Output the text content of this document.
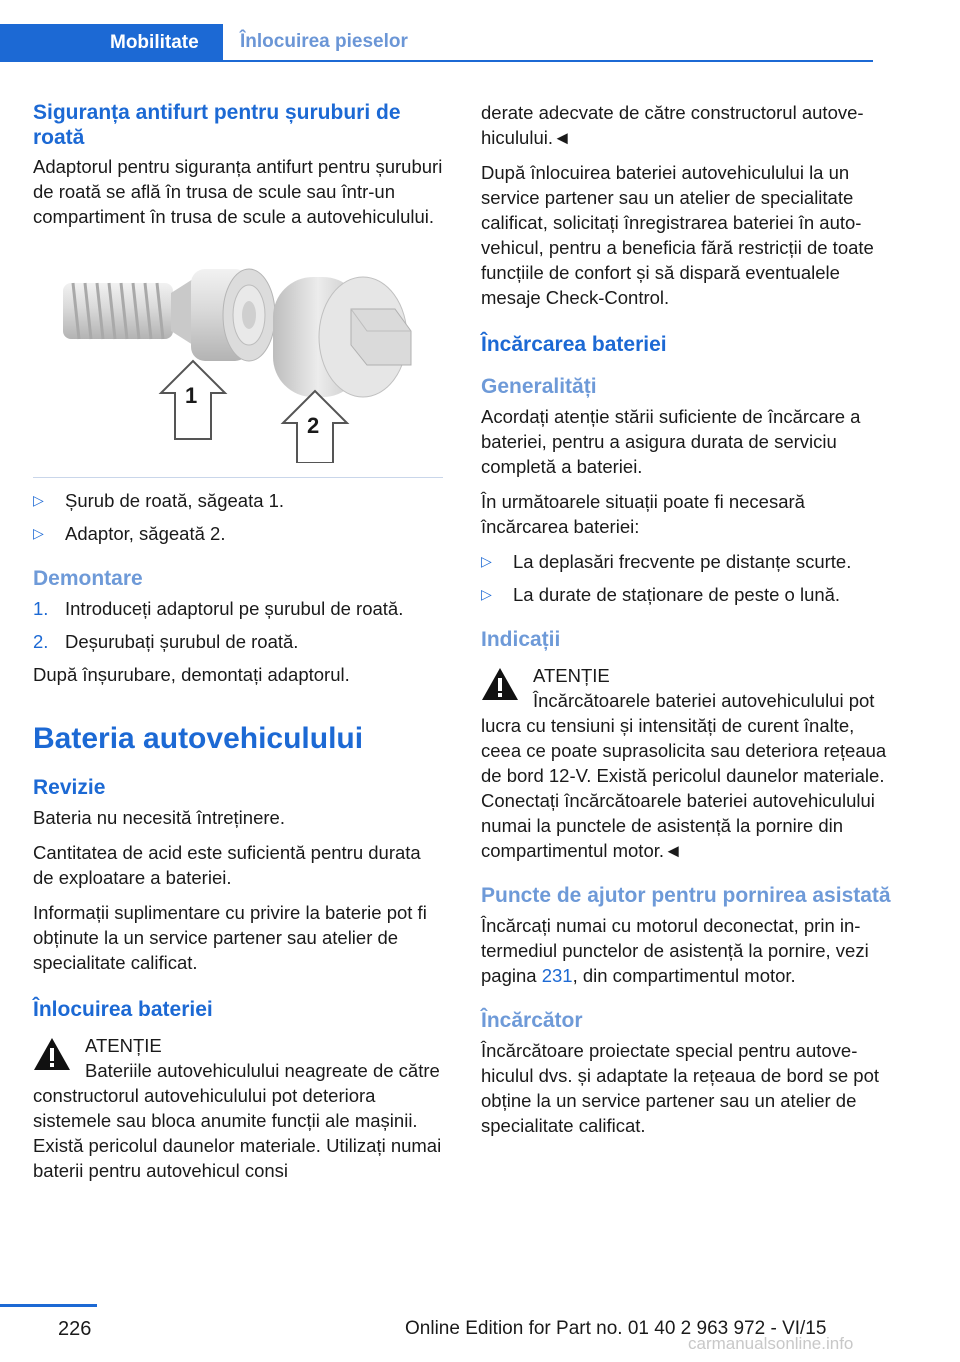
Mobilitate	Înlocuirea pieselor
Siguranța antifurt pentru șuruburi de roată

Adaptorul pentru siguranța antifurt pentru șuruburi de roată se află în trusa de scule sau într-un compartiment în trusa de scule a autovehiculului.

1
2
▷ Șurub de roată, săgeata 1.
▷ Adaptor, săgeată 2.
Demontare
1. Introduceți adaptorul pe șurubul de roată.
2. Deșurubați șurubul de roată.

După înșurubare, demontați adaptorul.

Bateria autovehiculului
Revizie

Bateria nu necesită întreținere.

Cantitatea de acid este suficientă pentru durata de exploatare a bateriei.

Informații suplimentare cu privire la baterie pot fi obținute la un service partener sau atelier de specialitate calificat.

Înlocuirea bateriei
ATENȚIE

Bateriile autovehiculului neagreate de către constructorul autovehiculului pot deteriora sistemele sau bloca anumite funcții ale mașinii. Există pericolul daunelor materiale. Utilizați numai baterii pentru autovehicul consi

derate adecvate de către constructorul autovehiculului.◄

După înlocuirea bateriei autovehiculului la un service partener sau un atelier de specialitate calificat, solicitați înregistrarea bateriei în autovehicul, pentru a beneficia fără restricții de toate funcțiile de confort și să dispară eventualele mesaje Check-Control.

Încărcarea bateriei
Generalități

Acordați atenție stării suficiente de încărcare a bateriei, pentru a asigura durata de serviciu completă a bateriei.

În următoarele situații poate fi necesară încărcarea bateriei:

▷ La deplasări frecvente pe distanțe scurte.
▷ La durate de staționare de peste o lună.
Indicații
ATENȚIE

Încărcătoarele bateriei autovehiculului pot lucra cu tensiuni și intensități de curent înalte, ceea ce poate suprasolicita sau deteriora rețeaua de bord 12-V. Există pericolul daunelor materiale. Conectați încărcătoarele bateriei autovehiculului numai la punctele de asistență la pornire din compartimentul motor.◄

Puncte de ajutor pentru pornirea asistată

Încărcați numai cu motorul deconectat, prin intermediul punctelor de asistență la pornire, vezi pagina 231, din compartimentul motor.

Încărcător

Încărcătoare proiectate special pentru autovehiculul dvs. și adaptate la rețeaua de bord se pot obține la un service partener sau un atelier de specialitate calificat.

226	Online Edition for Part no. 01 40 2 963 972 - VI/15
carmanualsonline.info
